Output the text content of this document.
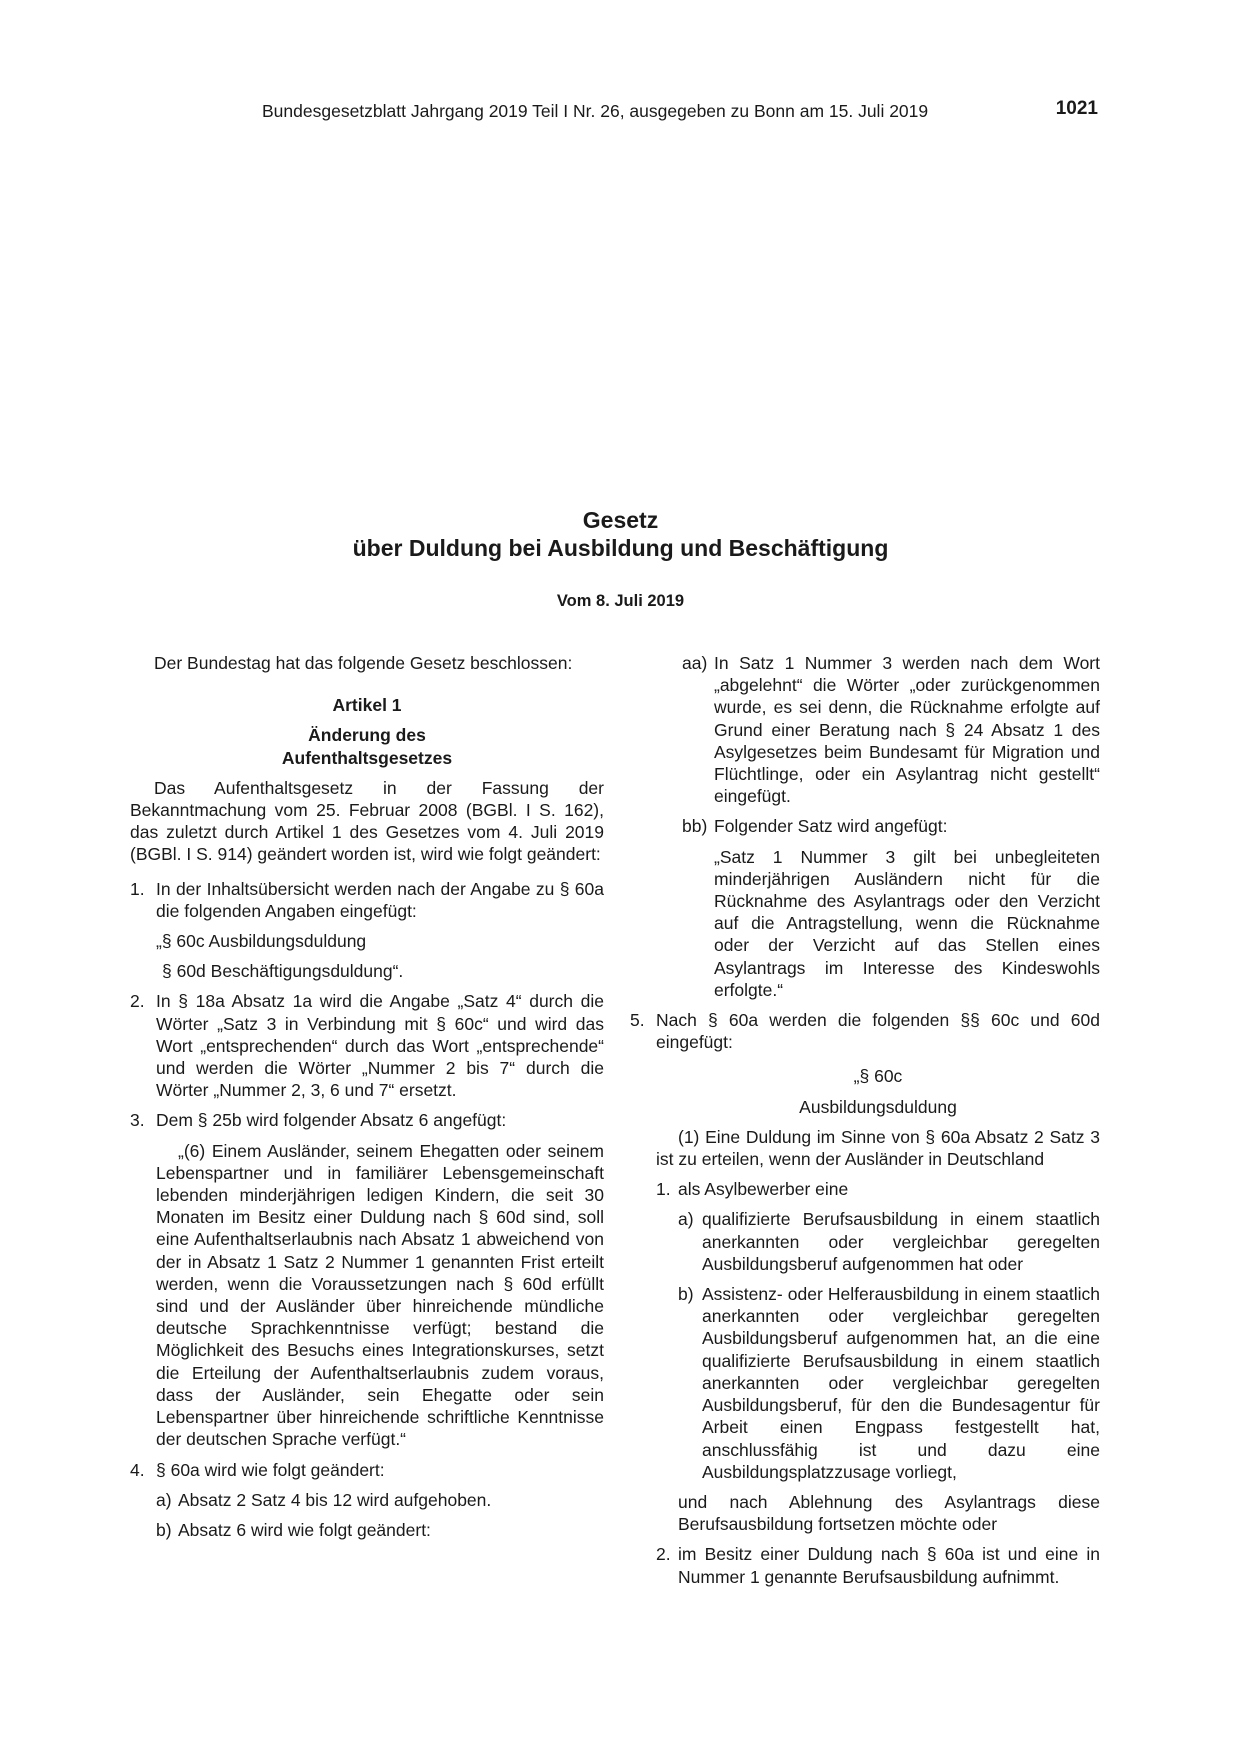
Bundesgesetzblatt Jahrgang 2019 Teil I Nr. 26, ausgegeben zu Bonn am 15. Juli 2019	1021
Gesetz
über Duldung bei Ausbildung und Beschäftigung
Vom 8. Juli 2019

Der Bundestag hat das folgende Gesetz beschlossen:

Artikel 1

Änderung des

Aufenthaltsgesetzes

Das Aufenthaltsgesetz in der Fassung der Bekanntmachung vom 25. Februar 2008 (BGBl. I S. 162), das zuletzt durch Artikel 1 des Gesetzes vom 4. Juli 2019 (BGBl. I S. 914) geändert worden ist, wird wie folgt geändert:

1. In der Inhaltsübersicht werden nach der Angabe zu § 60a die folgenden Angaben eingefügt:

„§ 60c Ausbildungsduldung

§ 60d Beschäftigungsduldung“.

2. In § 18a Absatz 1a wird die Angabe „Satz 4“ durch die Wörter „Satz 3 in Verbindung mit § 60c“ und wird das Wort „entsprechenden“ durch das Wort „entsprechende“ und werden die Wörter „Nummer 2 bis 7“ durch die Wörter „Nummer 2, 3, 6 und 7“ ersetzt.
3. Dem § 25b wird folgender Absatz 6 angefügt:

„(6) Einem Ausländer, seinem Ehegatten oder seinem Lebenspartner und in familiärer Lebensgemeinschaft lebenden minderjährigen ledigen Kindern, die seit 30 Monaten im Besitz einer Duldung nach § 60d sind, soll eine Aufenthaltserlaubnis nach Absatz 1 abweichend von der in Absatz 1 Satz 2 Nummer 1 genannten Frist erteilt werden, wenn die Voraussetzungen nach § 60d erfüllt sind und der Ausländer über hinreichende mündliche deutsche Sprachkenntnisse verfügt; bestand die Möglichkeit des Besuchs eines Integrationskurses, setzt die Erteilung der Aufenthaltserlaubnis zudem voraus, dass der Ausländer, sein Ehegatte oder sein Lebenspartner über hinreichende schriftliche Kenntnisse der deutschen Sprache verfügt.“

4. § 60a wird wie folgt geändert:
a) Absatz 2 Satz 4 bis 12 wird aufgehoben.
b) Absatz 6 wird wie folgt geändert:
aa) In Satz 1 Nummer 3 werden nach dem Wort „abgelehnt“ die Wörter „oder zurückgenommen wurde, es sei denn, die Rücknahme erfolgte auf Grund einer Beratung nach § 24 Absatz 1 des Asylgesetzes beim Bundesamt für Migration und Flüchtlinge, oder ein Asylantrag nicht gestellt“ eingefügt.
bb) Folgender Satz wird angefügt:

„Satz 1 Nummer 3 gilt bei unbegleiteten minderjährigen Ausländern nicht für die Rücknahme des Asylantrags oder den Verzicht auf die Antragstellung, wenn die Rücknahme oder der Verzicht auf das Stellen eines Asylantrags im Interesse des Kindeswohls erfolgte.“

5. Nach § 60a werden die folgenden §§ 60c und 60d eingefügt:

„§ 60c

Ausbildungsduldung

(1) Eine Duldung im Sinne von § 60a Absatz 2 Satz 3 ist zu erteilen, wenn der Ausländer in Deutschland

1. als Asylbewerber eine
a) qualifizierte Berufsausbildung in einem staatlich anerkannten oder vergleichbar geregelten Ausbildungsberuf aufgenommen hat oder
b) Assistenz- oder Helferausbildung in einem staatlich anerkannten oder vergleichbar geregelten Ausbildungsberuf aufgenommen hat, an die eine qualifizierte Berufsausbildung in einem staatlich anerkannten oder vergleichbar geregelten Ausbildungsberuf, für den die Bundesagentur für Arbeit einen Engpass festgestellt hat, anschlussfähig ist und dazu eine Ausbildungsplatzzusage vorliegt,

und nach Ablehnung des Asylantrags diese Berufsausbildung fortsetzen möchte oder

2. im Besitz einer Duldung nach § 60a ist und eine in Nummer 1 genannte Berufsausbildung aufnimmt.
